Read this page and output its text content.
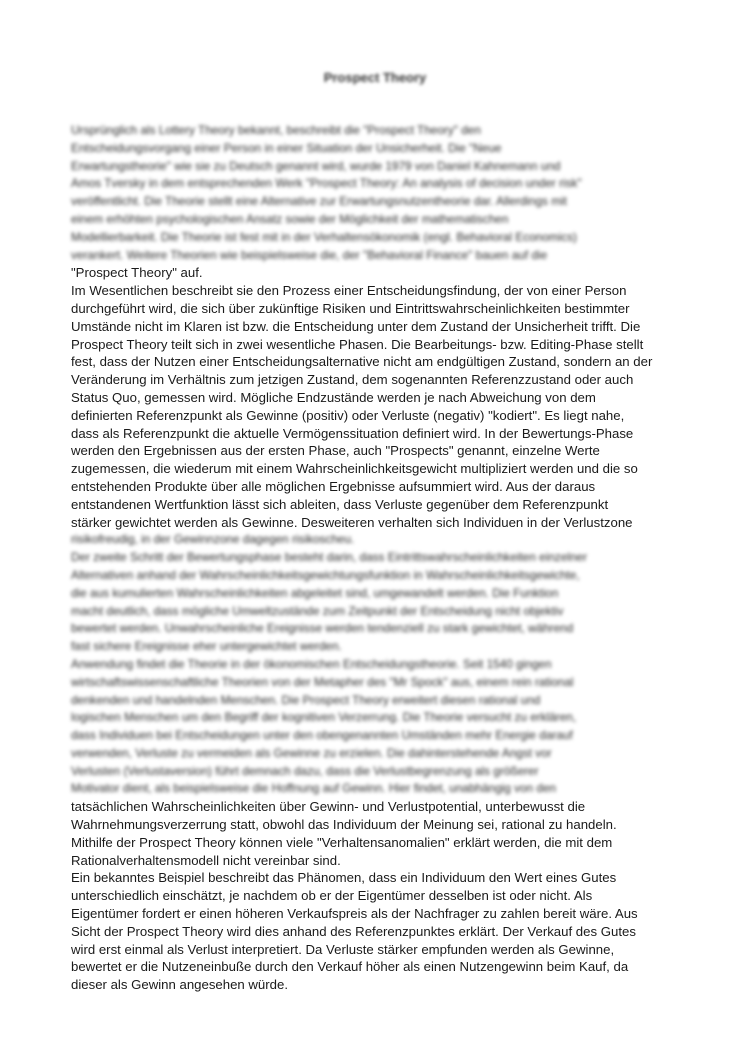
Prospect Theory
Ursprünglich als Lottery Theory bekannt, beschreibt die "Prospect Theory" den
Entscheidungsvorgang einer Person in einer Situation der Unsicherheit. Die "Neue
Erwartungstheorie" wie sie zu Deutsch genannt wird, wurde 1979 von Daniel Kahnemann und
Amos Tversky in dem entsprechenden Werk "Prospect Theory: An analysis of decision under risk"
veröffentlicht. Die Theorie stellt eine Alternative zur Erwartungsnutzentheorie dar. Allerdings mit
einem erhöhten psychologischen Ansatz sowie der Möglichkeit der mathematischen
Modellierbarkeit. Die Theorie ist fest mit in der Verhaltensökonomik (engl. Behavioral Economics)
verankert. Weitere Theorien wie beispielsweise die, der "Behavioral Finance" bauen auf die
"Prospect Theory" auf.
Im Wesentlichen beschreibt sie den Prozess einer Entscheidungsfindung, der von einer Person
durchgeführt wird, die sich über zukünftige Risiken und Eintrittswahrscheinlichkeiten bestimmter
Umstände nicht im Klaren ist bzw. die Entscheidung unter dem Zustand der Unsicherheit trifft. Die
Prospect Theory teilt sich in zwei wesentliche Phasen. Die Bearbeitungs- bzw. Editing-Phase stellt
fest, dass der Nutzen einer Entscheidungsalternative nicht am endgültigen Zustand, sondern an der
Veränderung im Verhältnis zum jetzigen Zustand, dem sogenannten Referenzzustand oder auch
Status Quo, gemessen wird. Mögliche Endzustände werden je nach Abweichung von dem
definierten Referenzpunkt als Gewinne (positiv) oder Verluste (negativ) "kodiert". Es liegt nahe,
dass als Referenzpunkt die aktuelle Vermögenssituation definiert wird. In der Bewertungs-Phase
werden den Ergebnissen aus der ersten Phase, auch "Prospects" genannt, einzelne Werte
zugemessen, die wiederum mit einem Wahrscheinlichkeitsgewicht multipliziert werden und die so
entstehenden Produkte über alle möglichen Ergebnisse aufsummiert wird. Aus der daraus
entstandenen Wertfunktion lässt sich ableiten, dass Verluste gegenüber dem Referenzpunkt
stärker gewichtet werden als Gewinne. Desweiteren verhalten sich Individuen in der Verlustzone
risikofreudig, in der Gewinnzone dagegen risikoscheu.
Der zweite Schritt der Bewertungsphase besteht darin, dass Eintrittswahrscheinlichkeiten einzelner
Alternativen anhand der Wahrscheinlichkeitsgewichtungsfunktion in Wahrscheinlichkeitsgewichte,
die aus kumulierten Wahrscheinlichkeiten abgeleitet sind, umgewandelt werden. Die Funktion
macht deutlich, dass mögliche Umweltzustände zum Zeitpunkt der Entscheidung nicht objektiv
bewertet werden. Unwahrscheinliche Ereignisse werden tendenziell zu stark gewichtet, während
fast sichere Ereignisse eher untergewichtet werden.
Anwendung findet die Theorie in der ökonomischen Entscheidungstheorie. Seit 1540 gingen
wirtschaftswissenschaftliche Theorien von der Metapher des "Mr Spock" aus, einem rein rational
denkenden und handelnden Menschen. Die Prospect Theory erweitert diesen rational und
logischen Menschen um den Begriff der kognitiven Verzerrung. Die Theorie versucht zu erklären,
dass Individuen bei Entscheidungen unter den obengenannten Umständen mehr Energie darauf
verwenden, Verluste zu vermeiden als Gewinne zu erzielen. Die dahinterstehende Angst vor
Verlusten (Verlustaversion) führt demnach dazu, dass die Verlustbegrenzung als größerer
Motivator dient, als beispielsweise die Hoffnung auf Gewinn. Hier findet, unabhängig von den
tatsächlichen Wahrscheinlichkeiten über Gewinn- und Verlustpotential, unterbewusst die
Wahrnehmungsverzerrung statt, obwohl das Individuum der Meinung sei, rational zu handeln.
Mithilfe der Prospect Theory können viele "Verhaltensanomalien" erklärt werden, die mit dem
Rationalverhaltensmodell nicht vereinbar sind.
Ein bekanntes Beispiel beschreibt das Phänomen, dass ein Individuum den Wert eines Gutes
unterschiedlich einschätzt, je nachdem ob er der Eigentümer desselben ist oder nicht. Als
Eigentümer fordert er einen höheren Verkaufspreis als der Nachfrager zu zahlen bereit wäre. Aus
Sicht der Prospect Theory wird dies anhand des Referenzpunktes erklärt. Der Verkauf des Gutes
wird erst einmal als Verlust interpretiert. Da Verluste stärker empfunden werden als Gewinne,
bewertet er die Nutzeneinbuße durch den Verkauf höher als einen Nutzengewinn beim Kauf, da
dieser als Gewinn angesehen würde.
